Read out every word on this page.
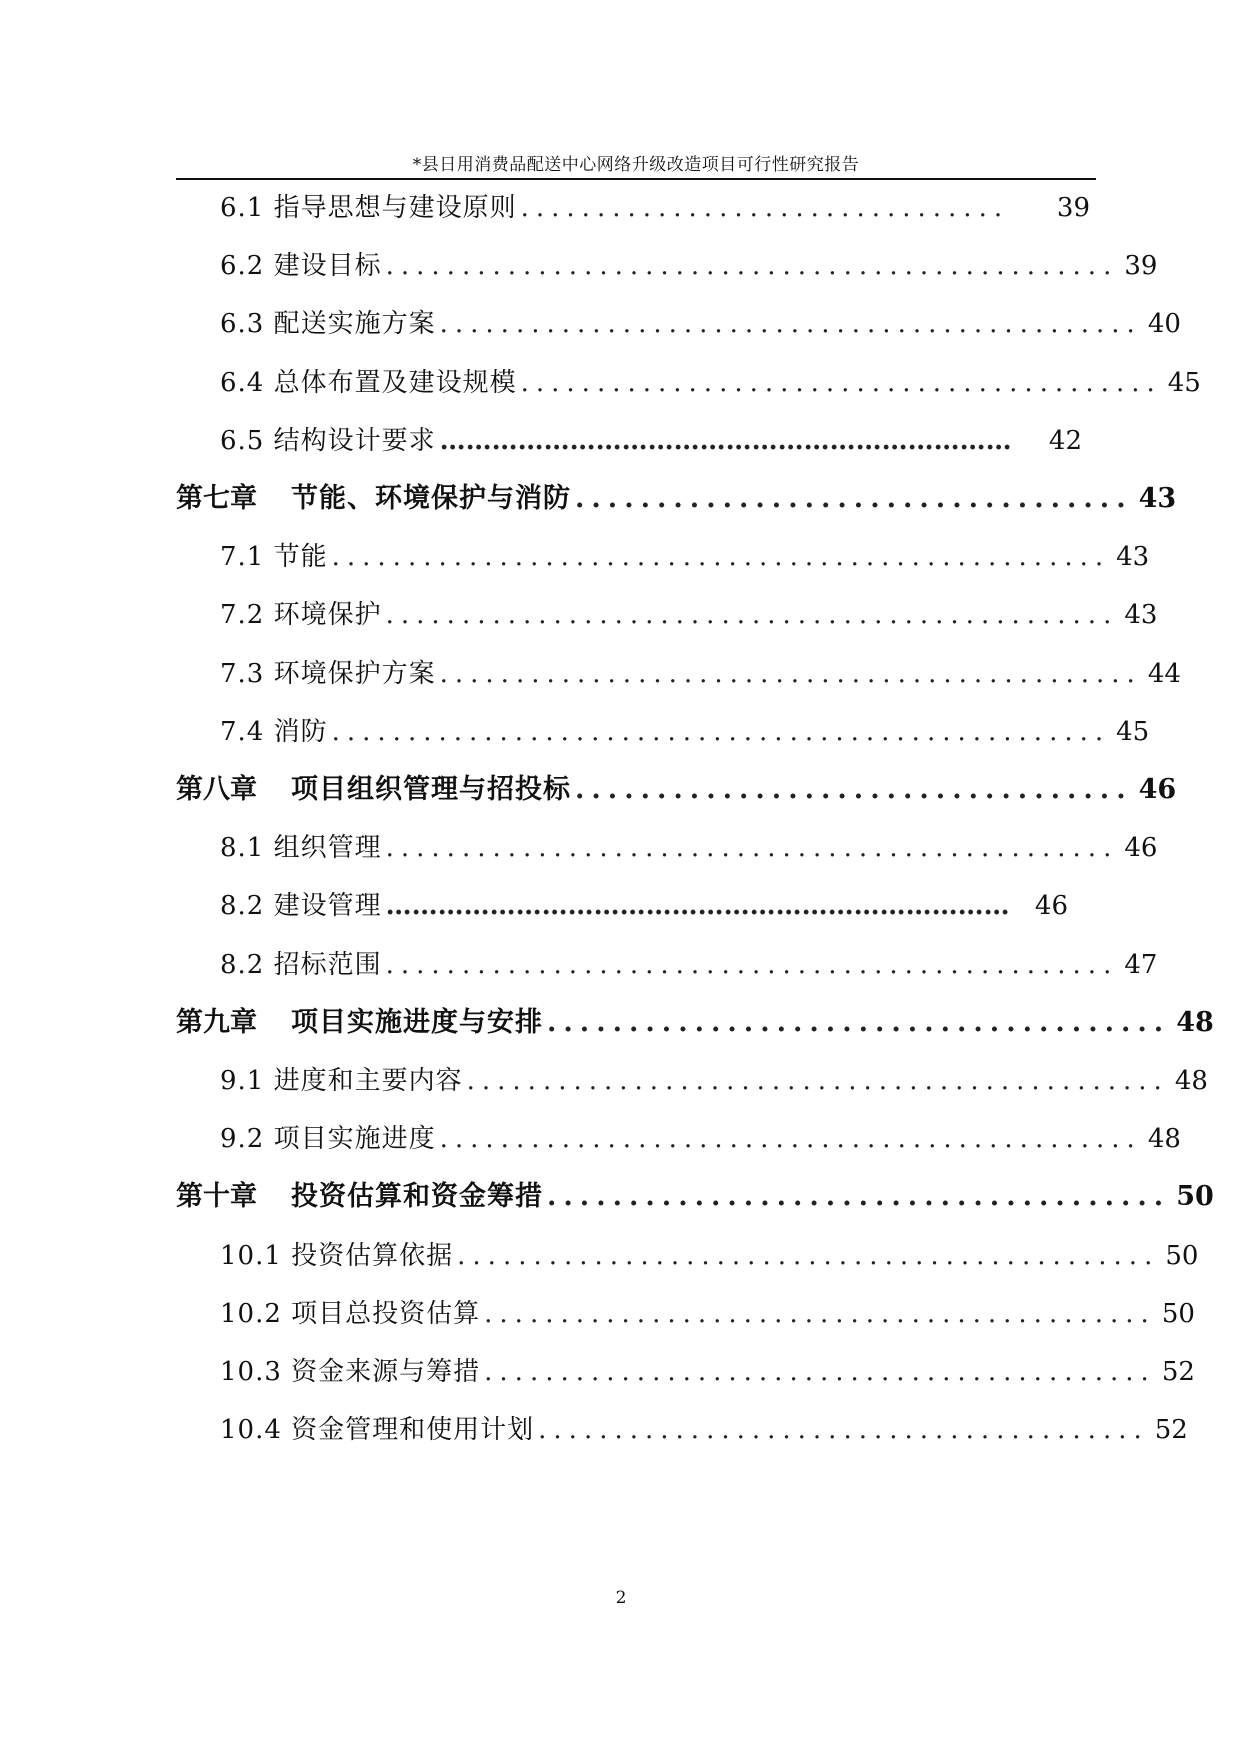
*县日用消费品配送中心网络升级改造项目可行性研究报告
6.1 指导思想与建设原则 ................................	39
6.2 建设目标 ................................................ 39
6.3 配送实施方案 .............................................. 40
6.4 总体布置及建设规模 .......................................... 45
6.5 结构设计要求 ………………………………………………………… 42
第七章 节能、环境保护与消防 .................................. 43
7.1 节能 ................................................... 43
7.2 环境保护 ................................................ 43
7.3 环境保护方案 .............................................. 44
7.4 消防 ................................................... 45
第八章 项目组织管理与招投标 .................................. 46
8.1 组织管理 ................................................ 46
8.2 建设管理 ……………………………………………………………… 46
8.2 招标范围 ................................................ 47
第九章 项目实施进度与安排 ...................................... 48
9.1 进度和主要内容 .............................................. 48
9.2 项目实施进度 .............................................. 48
第十章 投资估算和资金筹措 ...................................... 50
10.1 投资估算依据 .............................................. 50
10.2 项目总投资估算 ............................................ 50
10.3 资金来源与筹措 ............................................ 52
10.4 资金管理和使用计划 ........................................ 52
2
